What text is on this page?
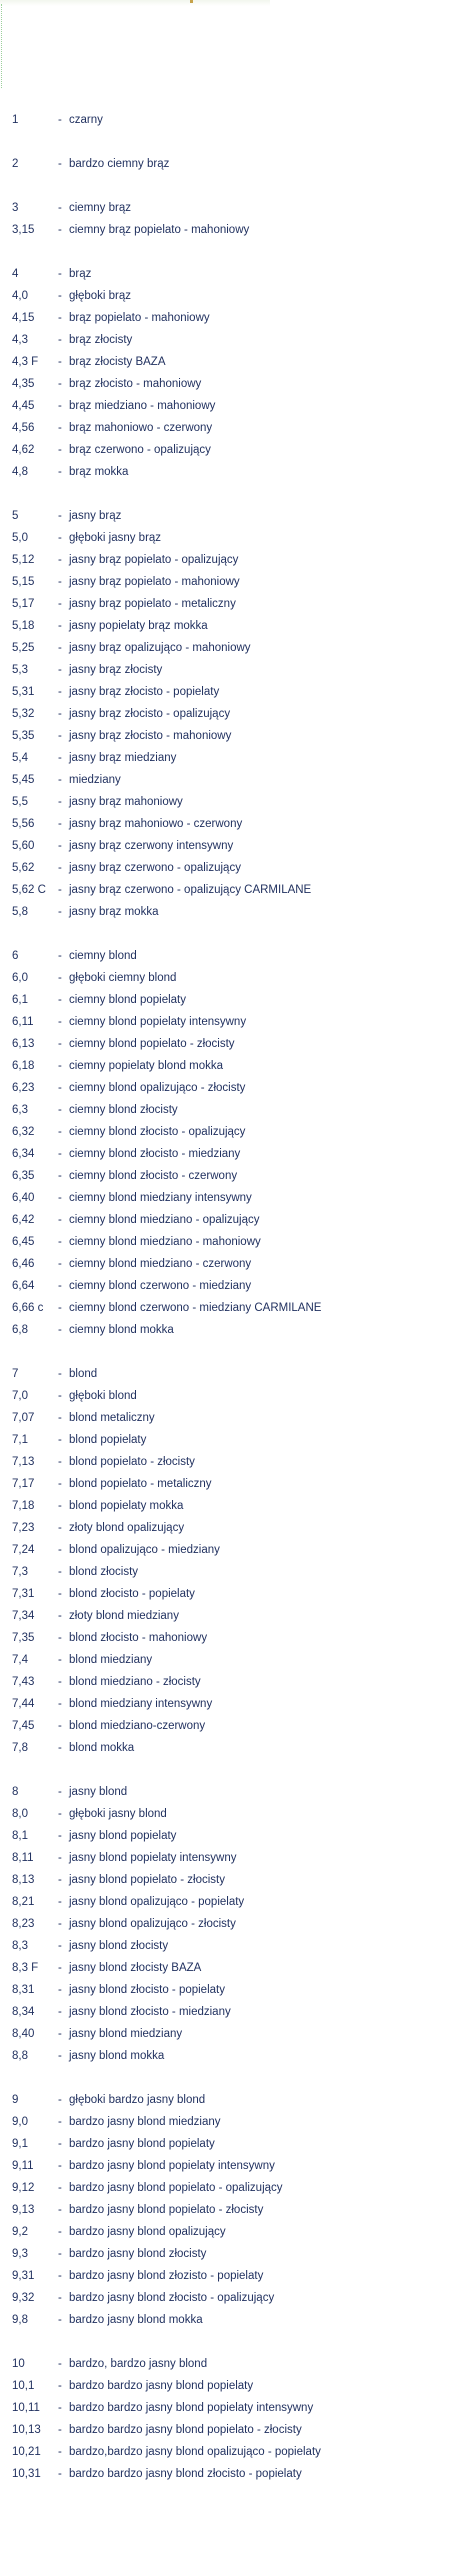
1	- czarny
2	- bardzo ciemny brąz
3	- ciemny brąz
3,15	- ciemny brąz popielato - mahoniowy
4	- brąz
4,0	- głęboki brąz
4,15	- brąz popielato - mahoniowy
4,3	- brąz złocisty
4,3 F	- brąz złocisty BAZA
4,35	- brąz złocisto - mahoniowy
4,45	- brąz miedziano - mahoniowy
4,56	- brąz mahoniowo - czerwony
4,62	- brąz czerwono - opalizujący
4,8	- brąz mokka
5	- jasny brąz
5,0	- głęboki jasny brąz
5,12	- jasny brąz popielato - opalizujący
5,15	- jasny brąz popielato - mahoniowy
5,17	- jasny brąz popielato - metaliczny
5,18	- jasny popielaty brąz mokka
5,25	- jasny brąz opalizująco - mahoniowy
5,3	- jasny brąz złocisty
5,31	- jasny brąz złocisto - popielaty
5,32	- jasny brąz złocisto - opalizujący
5,35	- jasny brąz złocisto - mahoniowy
5,4	- jasny brąz miedziany
5,45	- miedziany
5,5	- jasny brąz mahoniowy
5,56	- jasny brąz mahoniowo - czerwony
5,60	- jasny brąz czerwony intensywny
5,62	- jasny brąz czerwono - opalizujący
5,62 C	- jasny brąz czerwono - opalizujący CARMILANE
5,8	- jasny brąz mokka
6	- ciemny blond
6,0	- głęboki ciemny blond
6,1	- ciemny blond popielaty
6,11	- ciemny blond popielaty intensywny
6,13	- ciemny blond popielato - złocisty
6,18	- ciemny popielaty blond mokka
6,23	- ciemny blond opalizująco - złocisty
6,3	- ciemny blond złocisty
6,32	- ciemny blond złocisto - opalizujący
6,34	- ciemny blond złocisto - miedziany
6,35	- ciemny blond złocisto - czerwony
6,40	- ciemny blond miedziany intensywny
6,42	- ciemny blond miedziano - opalizujący
6,45	- ciemny blond miedziano - mahoniowy
6,46	- ciemny blond miedziano - czerwony
6,64	- ciemny blond czerwono - miedziany
6,66 c	- ciemny blond czerwono - miedziany CARMILANE
6,8	- ciemny blond mokka
7	- blond
7,0	- głęboki blond
7,07	- blond metaliczny
7,1	- blond popielaty
7,13	- blond popielato - złocisty
7,17	- blond popielato - metaliczny
7,18	- blond popielaty mokka
7,23	- złoty blond opalizujący
7,24	- blond opalizująco - miedziany
7,3	- blond złocisty
7,31	- blond złocisto - popielaty
7,34	- złoty blond miedziany
7,35	- blond złocisto - mahoniowy
7,4	- blond miedziany
7,43	- blond miedziano - złocisty
7,44	- blond miedziany intensywny
7,45	- blond miedziano-czerwony
7,8	- blond mokka
8	- jasny blond
8,0	- głęboki jasny blond
8,1	- jasny blond popielaty
8,11	- jasny blond popielaty intensywny
8,13	- jasny blond popielato - złocisty
8,21	- jasny blond opalizująco - popielaty
8,23	- jasny blond opalizująco - złocisty
8,3	- jasny blond złocisty
8,3 F	- jasny blond złocisty BAZA
8,31	- jasny blond złocisto - popielaty
8,34	- jasny blond złocisto - miedziany
8,40	- jasny blond miedziany
8,8	- jasny blond mokka
9	- głęboki bardzo jasny blond
9,0	- bardzo jasny blond miedziany
9,1	- bardzo jasny blond popielaty
9,11	- bardzo jasny blond popielaty intensywny
9,12	- bardzo jasny blond popielato - opalizujący
9,13	- bardzo jasny blond popielato - złocisty
9,2	- bardzo jasny blond opalizujący
9,3	- bardzo jasny blond złocisty
9,31	- bardzo jasny blond złozisto - popielaty
9,32	- bardzo jasny blond złocisto - opalizujący
9,8	- bardzo jasny blond mokka
10	- bardzo, bardzo jasny blond
10,1	- bardzo bardzo jasny blond popielaty
10,11	- bardzo bardzo jasny blond popielaty intensywny
10,13	- bardzo bardzo jasny blond popielato - złocisty
10,21	- bardzo,bardzo jasny blond opalizująco - popielaty
10,31	- bardzo bardzo jasny blond złocisto - popielaty
